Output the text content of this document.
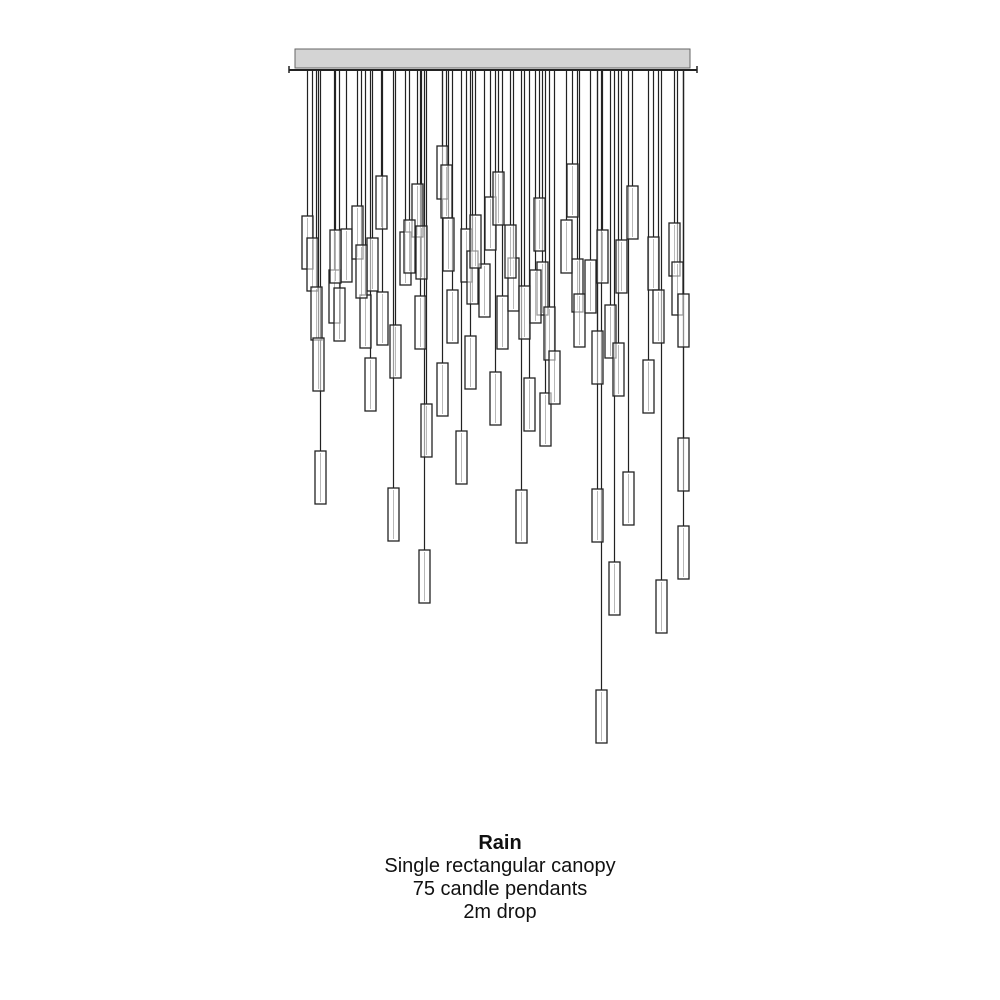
Rain
Single rectangular canopy
75 candle pendants
2m drop
